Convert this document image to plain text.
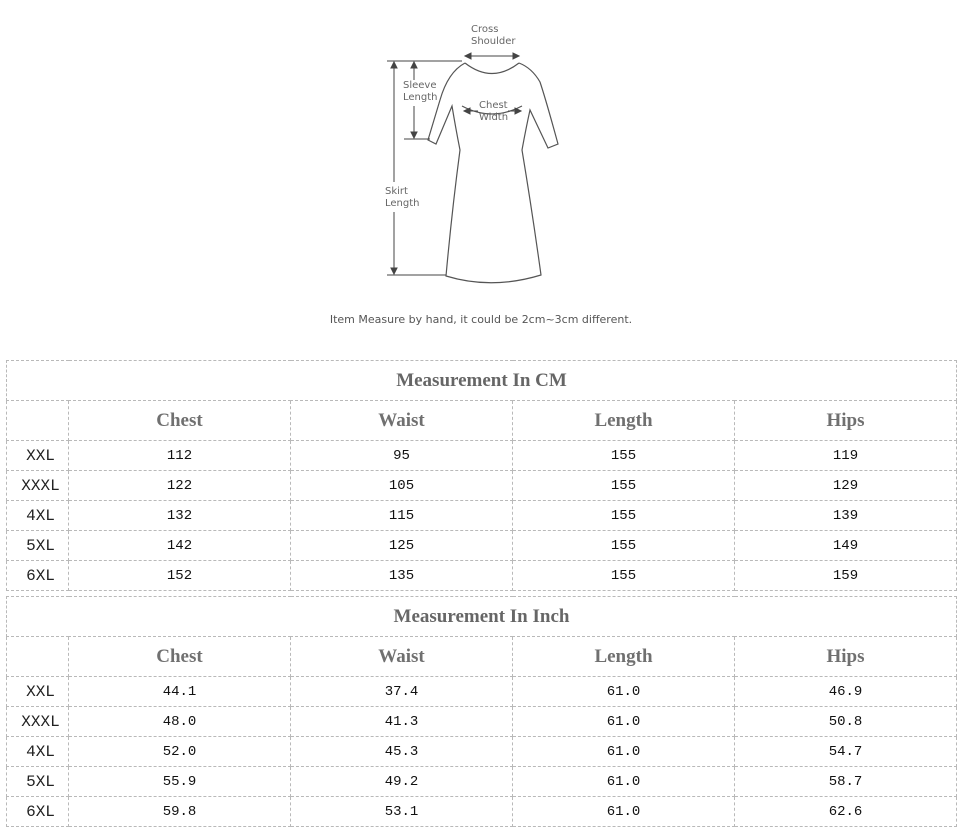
Cross
Shoulder
Sleeve
Length
Chest
Width
Skirt
Length
Item Measure by hand, it could be 2cm~3cm different.
Measurement In CM				
	Chest	Waist	Length	Hips
XXL	112	95	155	119
XXXL	122	105	155	129
4XL	132	115	155	139
5XL	142	125	155	149
6XL	152	135	155	159
Measurement In Inch				
	Chest	Waist	Length	Hips
XXL	44.1	37.4	61.0	46.9
XXXL	48.0	41.3	61.0	50.8
4XL	52.0	45.3	61.0	54.7
5XL	55.9	49.2	61.0	58.7
6XL	59.8	53.1	61.0	62.6
